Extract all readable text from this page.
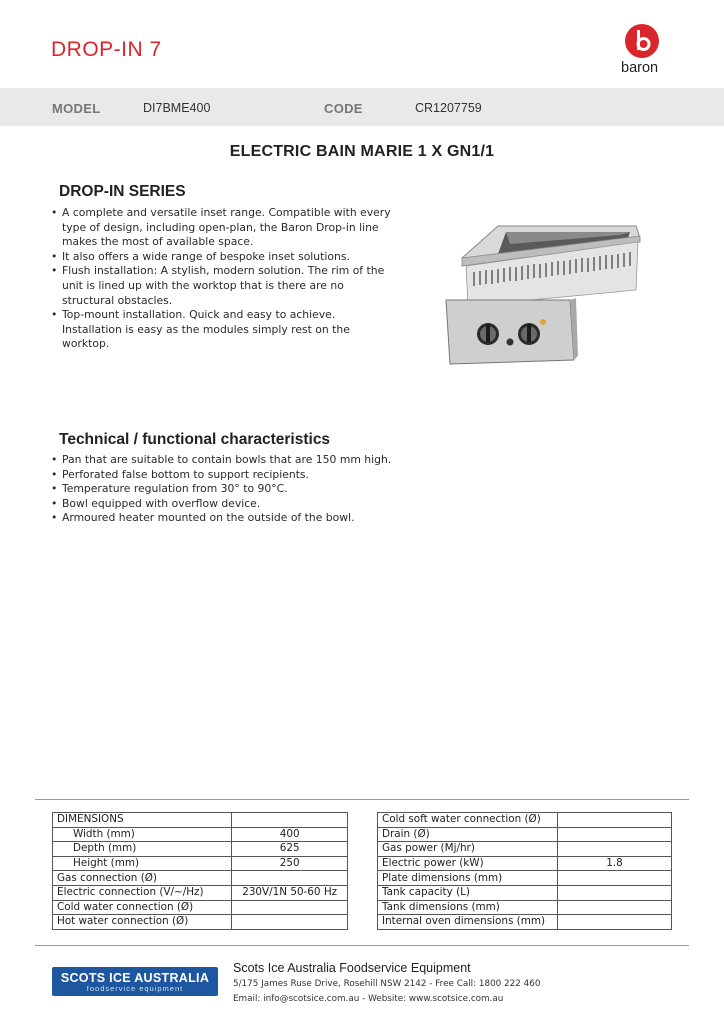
DROP-IN 7
baron
MODEL	DI7BME400	CODE	CR1207759
ELECTRIC BAIN MARIE 1 X GN1/1
DROP-IN SERIES
• A complete and versatile inset range. Compatible with every type of design, including open-plan, the Baron Drop-in line makes the most of available space.
• It also offers a wide range of bespoke inset solutions.
• Flush installation: A stylish, modern solution. The rim of the unit is lined up with the worktop that is there are no structural obstacles.
• Top-mount installation. Quick and easy to achieve. Installation is easy as the modules simply rest on the worktop.
Technical / functional characteristics
• Pan that are suitable to contain bowls that are 150 mm high.
• Perforated false bottom to support recipients.
• Temperature regulation from 30° to 90°C.
• Bowl equipped with overflow device.
• Armoured heater mounted on the outside of the bowl.
DIMENSIONS	
Width (mm)	400
Depth (mm)	625
Height (mm)	250
Gas connection (Ø)	
Electric connection (V/~/Hz)	230V/1N 50-60 Hz
Cold water connection (Ø)	
Hot water connection (Ø)	
Cold soft water connection (Ø)	
Drain (Ø)	
Gas power (Mj/hr)	
Electric power (kW)	1.8
Plate dimensions (mm)	
Tank capacity (L)	
Tank dimensions (mm)	
Internal oven dimensions (mm)	
SCOTS ICE AUSTRALIA
foodservice equipment
Scots Ice Australia Foodservice Equipment
5/175 James Ruse Drive, Rosehill NSW 2142 - Free Call: 1800 222 460
Email: info@scotsice.com.au - Website: www.scotsice.com.au
